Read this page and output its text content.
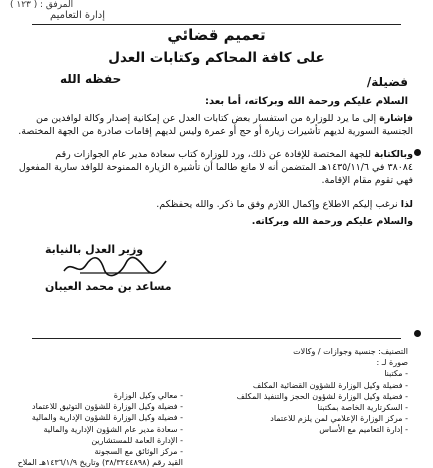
المرفق :
( ١٢٣ )
إدارة التعاميم
تعميم قضائي
على كافة المحاكم وكتابات العدل
فضيلة/
حفظه الله
السلام عليكم ورحمة الله وبركاته، أما بعد:
فإشارة إلى ما يرد للوزارة من استفسار بعض كتابات العدل عن إمكانية إصدار وكالة لوافدين من
الجنسية السورية لديهم تأشيرات زيارة أو حج أو عمرة وليس لديهم إقامات صادرة من الجهة المختصة.
وبالكتابة للجهة المختصة للإفادة عن ذلك، ورد للوزارة كتاب سعادة مدير عام الجوازات رقم
٣٨٠٨٤ في ١٤٣٥/١١/٦هـ المتضمن أنه لا مانع طالما أن تأشيرة الزيارة الممنوحة للوافد سارية المفعول
فهي تقوم مقام الإقامة.
لذا نرغب إليكم الاطلاع وإكمال اللازم وفق ما ذكر. والله يحفظكم.
والسلام عليكم ورحمة الله وبركاته.
وزير العدل بالنيابة
مساعد بن محمد العيبان
التصنيف: جنسية وجوازات / وكالات
صورة لـ :
- مكتبنا
- فضيلة وكيل الوزارة للشؤون القضائية المكلف
- فضيلة وكيل الوزارة لشؤون الحجز والتنفيذ المكلف
- السكرتارية الخاصة بمكتبنا
- مركز الوزارة الإعلامي لمن يلزم للاعتماد
- إدارة التعاميم مع الأساس
- معالي وكيل الوزارة
- فضيلة وكيل الوزارة للشؤون التوثيق للاعتماد
- فضيلة وكيل الوزارة للشؤون الإدارية والمالية
- سعادة مدير عام الشؤون الإدارية والمالية
- الإدارة العامة للمستشارين
- مركز الوثائق مع السجونة
القيد رقم (٣٨/٣٢٤٤٨٩٨) وتاريخ ١٤٣٦/١/٩هـ الملاح
